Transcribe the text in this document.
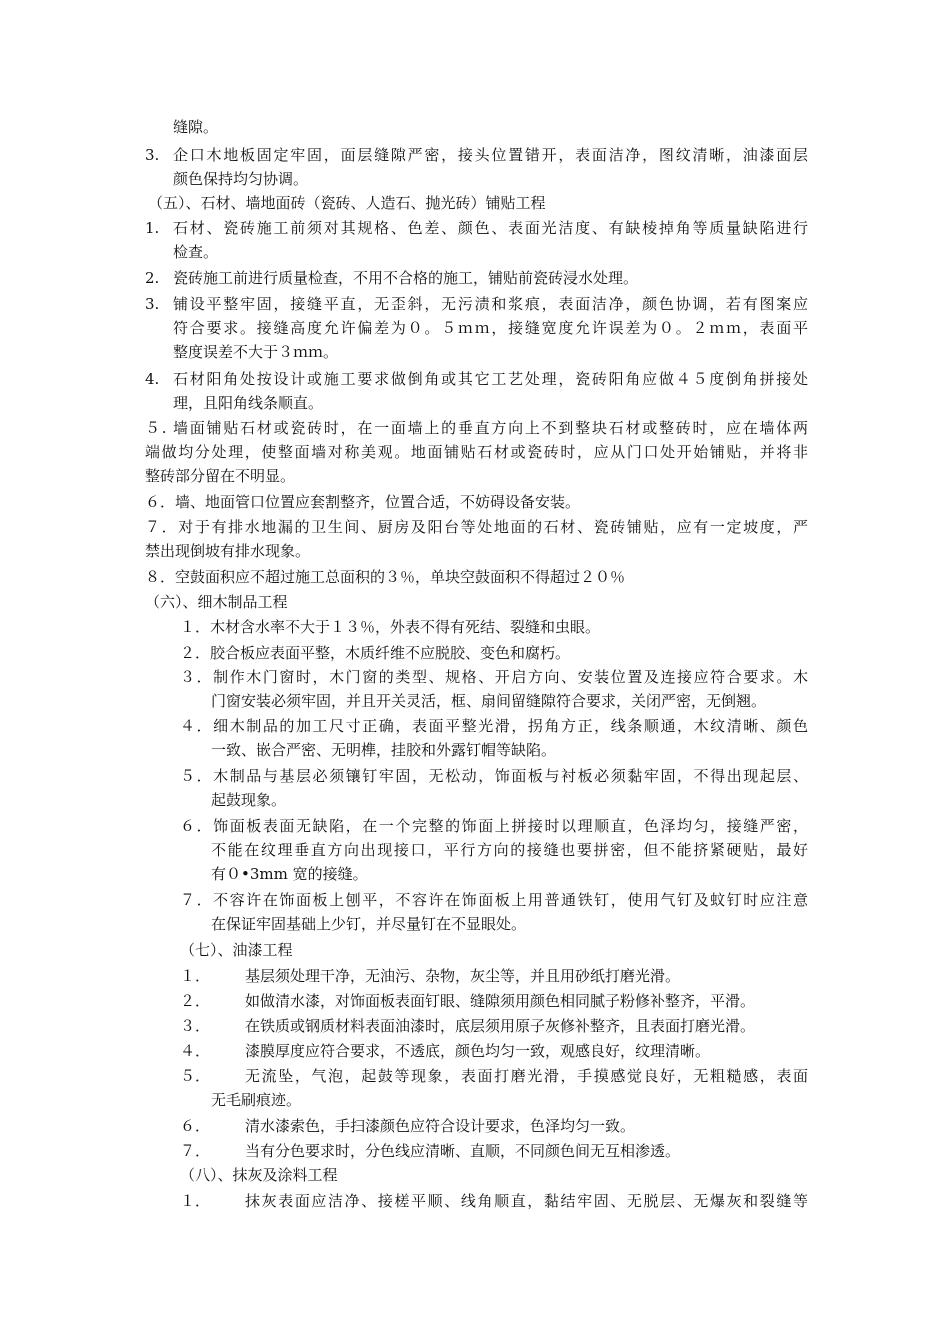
缝隙。
3. 企口木地板固定牢固，面层缝隙严密，接头位置错开，表面洁净，图纹清晰，油漆面层
颜色保持均匀协调。
（五）、石材、墙地面砖（瓷砖、人造石、抛光砖）铺贴工程
1. 石材、瓷砖施工前须对其规格、色差、颜色、表面光洁度、有缺棱掉角等质量缺陷进行
检查。
2. 瓷砖施工前进行质量检查，不用不合格的施工，铺贴前瓷砖浸水处理。
3. 铺设平整牢固，接缝平直，无歪斜，无污渍和浆痕，表面洁净，颜色协调，若有图案应
符合要求。接缝高度允许偏差为０。５ｍｍ，接缝宽度允许误差为０。２ｍｍ，表面平
整度误差不大于３ｍｍ。
4. 石材阳角处按设计或施工要求做倒角或其它工艺处理，瓷砖阳角应做４５度倒角拼接处
理，且阳角线条顺直。
５. 墙面铺贴石材或瓷砖时，在一面墙上的垂直方向上不到整块石材或整砖时，应在墙体两
端做均分处理，使整面墙对称美观。地面铺贴石材或瓷砖时，应从门口处开始铺贴，并将非
整砖部分留在不明显。
６．墙、地面管口位置应套割整齐，位置合适，不妨碍设备安装。
７．对于有排水地漏的卫生间、厨房及阳台等处地面的石材、瓷砖铺贴，应有一定坡度，严
禁出现倒坡有排水现象。
８．空鼓面积应不超过施工总面积的３％，单块空鼓面积不得超过２０％
（六）、细木制品工程
１．木材含水率不大于１３％，外表不得有死结、裂缝和虫眼。
２．胶合板应表面平整，木质纤维不应脱胶、变色和腐朽。
３．制作木门窗时，木门窗的类型、规格、开启方向、安装位置及连接应符合要求。木
门窗安装必须牢固，并且开关灵活，框、扇间留缝隙符合要求，关闭严密，无倒翘。
４．细木制品的加工尺寸正确，表面平整光滑，拐角方正，线条顺通，木纹清晰、颜色
一致、嵌合严密、无明榫，挂胶和外露钉帽等缺陷。
５．木制品与基层必须镶钉牢固，无松动，饰面板与衬板必须黏牢固，不得出现起层、
起鼓现象。
６．饰面板表面无缺陷，在一个完整的饰面上拼接时以理顺直，色泽均匀，接缝严密，
不能在纹理垂直方向出现接口，平行方向的接缝也要拼密，但不能挤紧硬贴，最好
有０•3mm 宽的接缝。
７．不容许在饰面板上刨平，不容许在饰面板上用普通铁钉，使用气钉及蚊钉时应注意
在保证牢固基础上少钉，并尽量钉在不显眼处。
（七）、油漆工程
１． 基层须处理干净，无油污、杂物，灰尘等，并且用砂纸打磨光滑。
２． 如做清水漆，对饰面板表面钉眼、缝隙须用颜色相同腻子粉修补整齐，平滑。
３． 在铁质或钢质材料表面油漆时，底层须用原子灰修补整齐，且表面打磨光滑。
４． 漆膜厚度应符合要求，不透底，颜色均匀一致，观感良好，纹理清晰。
５． 无流坠，气泡，起鼓等现象，表面打磨光滑，手摸感觉良好，无粗糙感，表面
无毛刷痕迹。
６． 清水漆索色，手扫漆颜色应符合设计要求，色泽均匀一致。
７． 当有分色要求时，分色线应清晰、直顺，不同颜色间无互相渗透。
（八）、抹灰及涂料工程
１． 抹灰表面应洁净、接槎平顺、线角顺直，黏结牢固、无脱层、无爆灰和裂缝等
